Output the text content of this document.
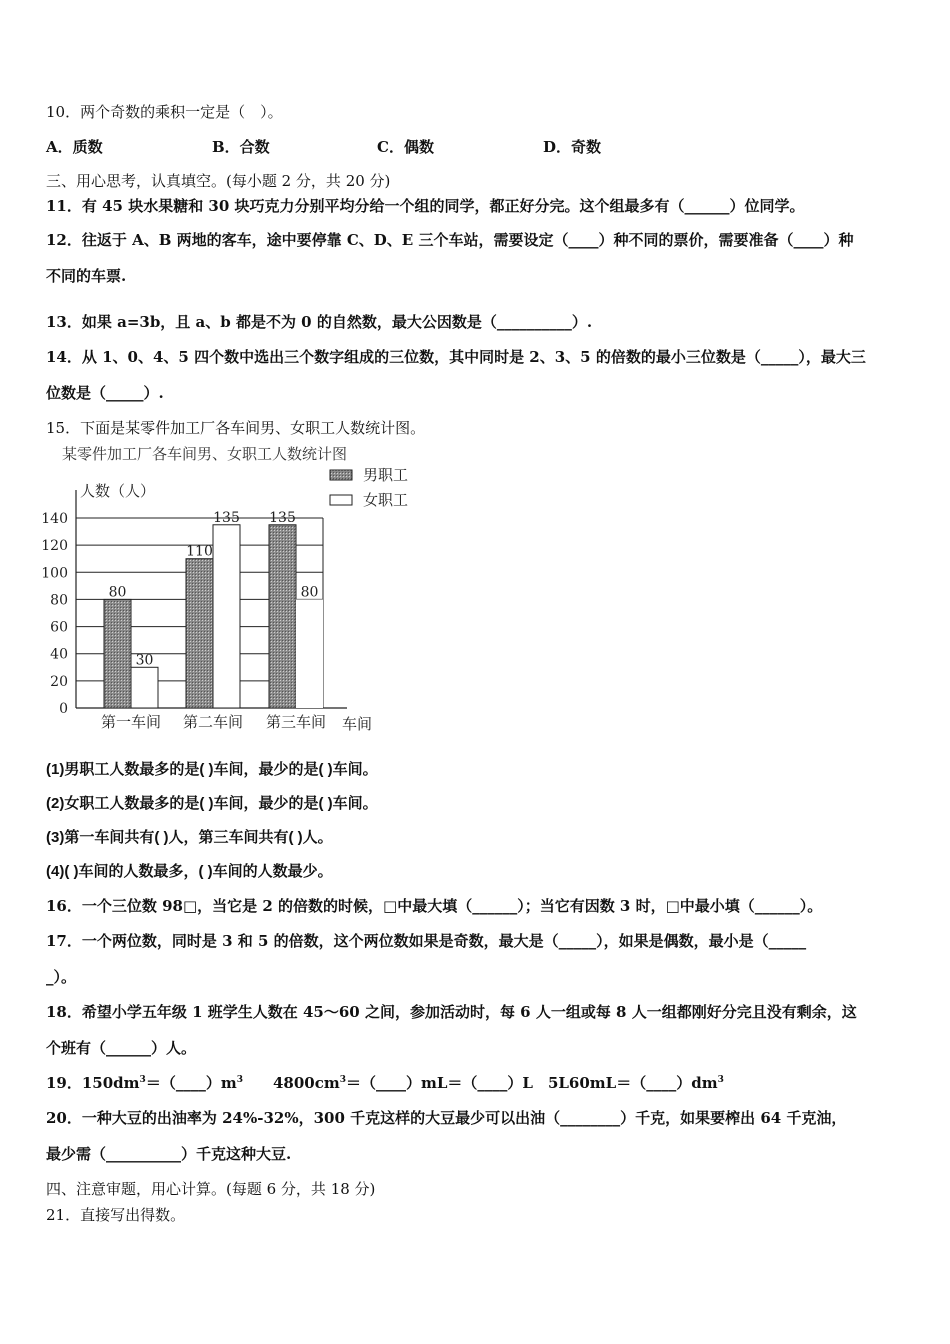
10．两个奇数的乘积一定是（　）。
A．质数	B．合数	C．偶数	D．奇数
三、用心思考，认真填空。(每小题 2 分，共 20 分)
11．有 45 块水果糖和 30 块巧克力分别平均分给一个组的同学，都正好分完。这个组最多有（______）位同学。
12．往返于 A、B 两地的客车，途中要停靠 C、D、E 三个车站，需要设定（____）种不同的票价，需要准备（____）种
不同的车票.
13．如果 a=3b，且 a、b 都是不为 0 的自然数，最大公因数是（__________）.
14．从 1、0、4、5 四个数中选出三个数字组成的三位数，其中同时是 2、3、5 的倍数的最小三位数是（_____），最大三
位数是（_____）.
15．下面是某零件加工厂各车间男、女职工人数统计图。
某零件加工厂各车间男、女职工人数统计图
人数（人）
0
20
40
60
80
100
120
140
80
30
第一车间
110
135
第二车间
135
80
第三车间
男职工
女职工
车间
(1)男职工人数最多的是( )车间，最少的是( )车间。
(2)女职工人数最多的是( )车间，最少的是( )车间。
(3)第一车间共有( )人，第三车间共有( )人。
(4)( )车间的人数最多，( )车间的人数最少。
16．一个三位数 98□，当它是 2 的倍数的时候，□中最大填（______）；当它有因数 3 时，□中最小填（______）。
17．一个两位数，同时是 3 和 5 的倍数，这个两位数如果是奇数，最大是（_____），如果是偶数，最小是（_____
_）。
18．希望小学五年级 1 班学生人数在 45～60 之间，参加活动时，每 6 人一组或每 8 人一组都刚好分完且没有剩余，这
个班有（______）人。
19．$150dm^3=(\_\_\_\_)m^3$ $4800cm^3=(\_\_\_\_)mL=(\_\_\_\_)L$　$5L60mL=(\_\_\_\_)dm^3$
20．一种大豆的出油率为 24%-32%，300 千克这样的大豆最少可以出油（________）千克，如果要榨出 64 千克油，
最少需（__________）千克这种大豆.
四、注意审题，用心计算。(每题 6 分，共 18 分)
21．直接写出得数。
